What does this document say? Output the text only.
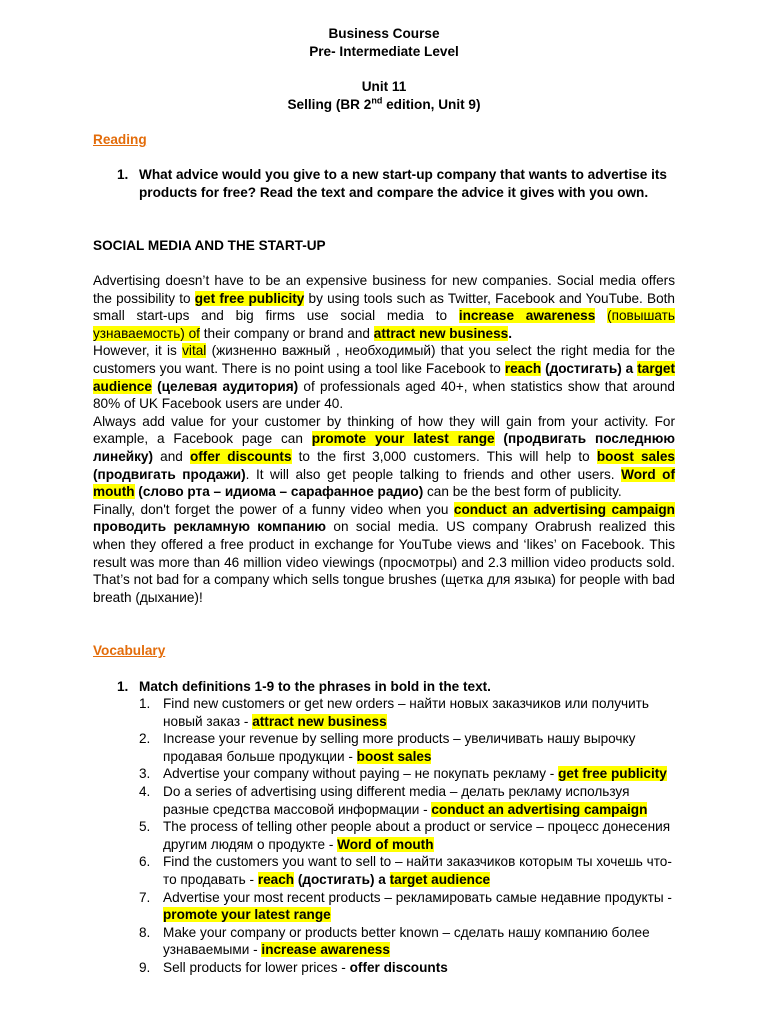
Business Course
Pre- Intermediate Level
Unit 11
Selling (BR 2nd edition, Unit 9)
Reading
1. What advice would you give to a new start-up company that wants to advertise its products for free? Read the text and compare the advice it gives with you own.
SOCIAL MEDIA AND THE START-UP

Advertising doesn’t have to be an expensive business for new companies. Social media offers the possibility to get free publicity by using tools such as Twitter, Facebook and YouTube. Both small start-ups and big firms use social media to increase awareness (повышать узнаваемость) of their company or brand and attract new business.

However, it is vital (жизненно важный , необходимый) that you select the right media for the customers you want. There is no point using a tool like Facebook to reach (достигать) a target audience (целевая аудитория) of professionals aged 40+, when statistics show that around 80% of UK Facebook users are under 40.

Always add value for your customer by thinking of how they will gain from your activity. For example, a Facebook page can promote your latest range (продвигать последнюю линейку) and offer discounts to the first 3,000 customers. This will help to boost sales (продвигать продажи). It will also get people talking to friends and other users. Word of mouth (слово рта – идиома – сарафанное радио) can be the best form of publicity.

Finally, don't forget the power of a funny video when you conduct an advertising campaign проводить рекламную компанию on social media. US company Orabrush realized this when they offered a free product in exchange for YouTube views and ‘likes’ on Facebook. This result was more than 46 million video viewings (просмотры) and 2.3 million video products sold. That’s not bad for a company which sells tongue brushes (щетка для языка) for people with bad breath (дыхание)!

Vocabulary
1. Match definitions 1-9 to the phrases in bold in the text.
1. Find new customers or get new orders – найти новых заказчиков или получить новый заказ - attract new business
2. Increase your revenue by selling more products – увеличивать нашу вырочку продавая больше продукции - boost sales
3. Advertise your company without paying – не покупать рекламу - get free publicity
4. Do a series of advertising using different media – делать рекламу используя разные средства массовой информации - conduct an advertising campaign
5. The process of telling other people about a product or service – процесс донесения другим людям о продукте - Word of mouth
6. Find the customers you want to sell to – найти заказчиков которым ты хочешь что-то продавать - reach (достигать) a target audience
7. Advertise your most recent products – рекламировать самые недавние продукты - promote your latest range
8. Make your company or products better known – сделать нашу компанию более узнаваемыми - increase awareness
9. Sell products for lower prices - offer discounts
